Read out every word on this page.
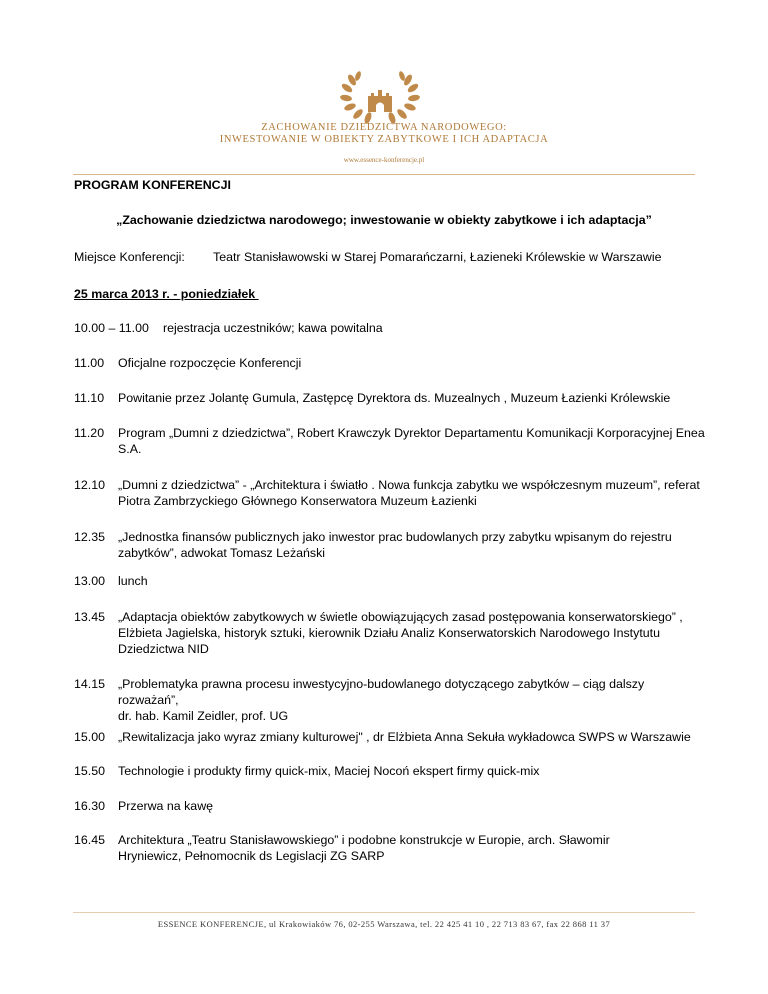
ZACHOWANIE DZIEDZICTWA NARODOWEGO:
INWESTOWANIE W OBIEKTY ZABYTKOWE I ICH ADAPTACJA
www.essence-konferencje.pl
PROGRAM KONFERENCJI
„Zachowanie dziedzictwa narodowego; inwestowanie w obiekty zabytkowe i ich adaptacja”
Miejsce Konferencji: Teatr Stanisławowski w Starej Pomarańczarni, Łazieneki Królewskie w Warszawie
25 marca 2013 r. - poniedziałek
10.00 – 11.00	rejestracja uczestników; kawa powitalna
11.00	Oficjalne rozpoczęcie Konferencji
11.10	Powitanie przez Jolantę Gumula, Zastępcę Dyrektora ds. Muzealnych , Muzeum Łazienki Królewskie
11.20	Program „Dumni z dziedzictwa”, Robert Krawczyk Dyrektor Departamentu Komunikacji Korporacyjnej Enea
S.A.
12.10	„Dumni z dziedzictwa” - „Architektura i światło . Nowa funkcja zabytku we współczesnym muzeum”, referat
Piotra Zambrzyckiego Głównego Konserwatora Muzeum Łazienki
12.35	„Jednostka finansów publicznych jako inwestor prac budowlanych przy zabytku wpisanym do rejestru
zabytków”, adwokat Tomasz Leżański
13.00	lunch
13.45	„Adaptacja obiektów zabytkowych w świetle obowiązujących zasad postępowania konserwatorskiego” ,
Elżbieta Jagielska, historyk sztuki, kierownik Działu Analiz Konserwatorskich Narodowego Instytutu
Dziedzictwa NID
14.15	„Problematyka prawna procesu inwestycyjno-budowlanego dotyczącego zabytków – ciąg dalszy rozważań”,
dr. hab. Kamil Zeidler, prof. UG
15.00	„Rewitalizacja jako wyraz zmiany kulturowej" , dr Elżbieta Anna Sekuła wykładowca SWPS w Warszawie
15.50	Technologie i produkty firmy quick-mix, Maciej Nocoń ekspert firmy quick-mix
16.30	Przerwa na kawę
16.45	Architektura „Teatru Stanisławowskiego” i podobne konstrukcje w Europie, arch. Sławomir
Hryniewicz, Pełnomocnik ds Legislacji ZG SARP
ESSENCE KONFERENCJE, ul Krakowiaków 76, 02-255 Warszawa, tel. 22 425 41 10 , 22 713 83 67, fax 22 868 11 37
